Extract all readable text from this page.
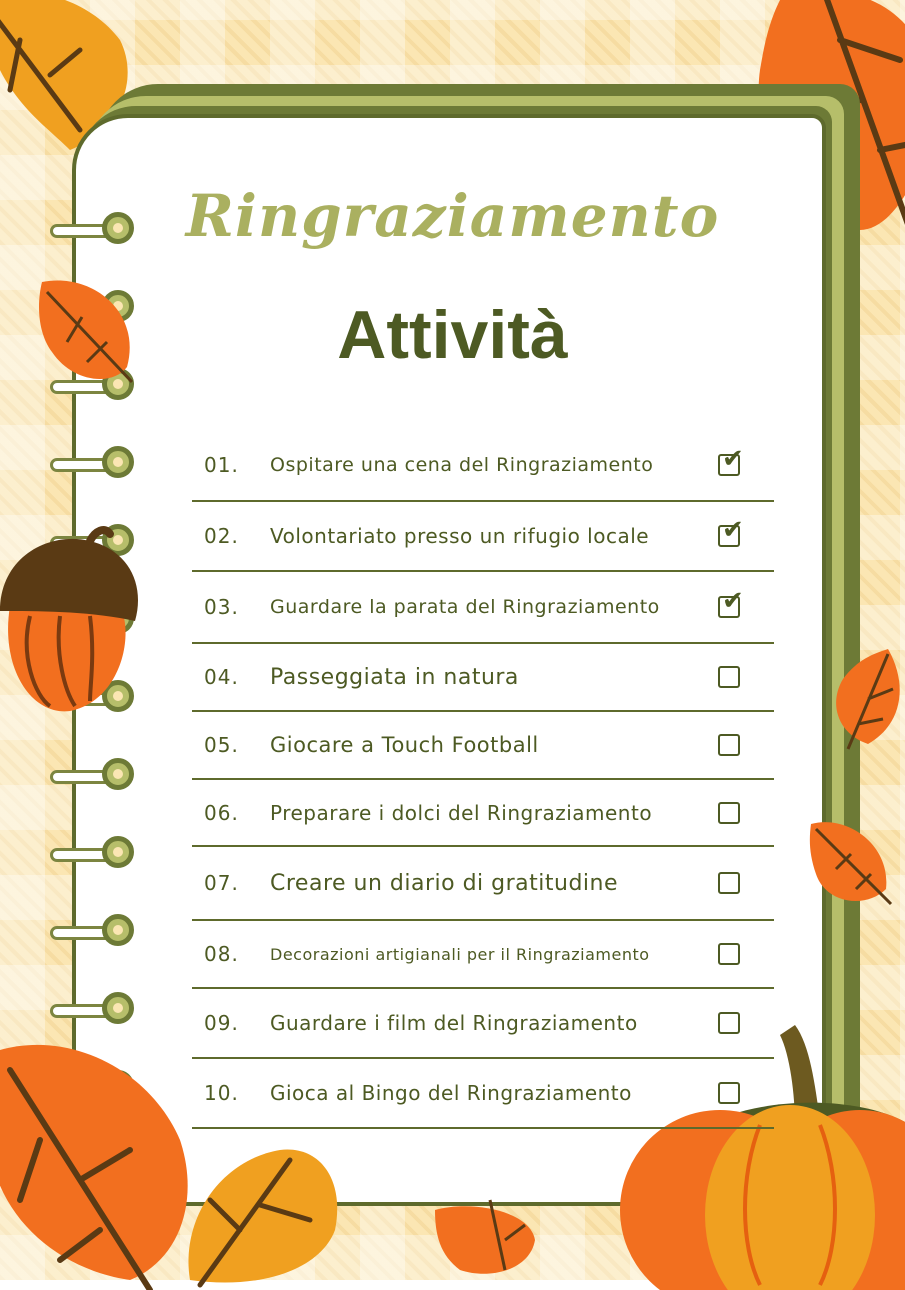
Ringraziamento
Attività
01.	Ospitare una cena del Ringraziamento	✔
02.	Volontariato presso un rifugio locale	✔
03.	Guardare la parata del Ringraziamento	✔
04.	Passeggiata in natura
05.	Giocare a Touch Football
06.	Preparare i dolci del Ringraziamento
07.	Creare un diario di gratitudine
08.	Decorazioni artigianali per il Ringraziamento
09.	Guardare i film del Ringraziamento
10.	Gioca al Bingo del Ringraziamento
